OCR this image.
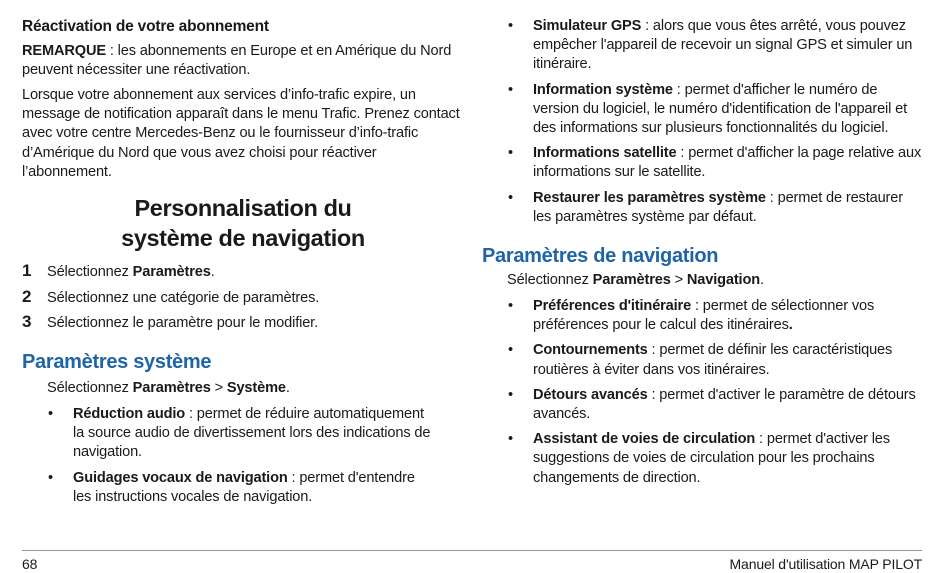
Réactivation de votre abonnement

REMARQUE : les abonnements en Europe et en Amérique du Nord peuvent nécessiter une réactivation.

Lorsque votre abonnement aux services d’info-trafic expire, un message de notification apparaît dans le menu Trafic. Prenez contact avec votre centre Mercedes-Benz ou le fournisseur d’info-trafic d’Amérique du Nord que vous avez choisi pour réactiver l’abonnement.

Personnalisation du
système de navigation
1	Sélectionnez Paramètres.
2	Sélectionnez une catégorie de paramètres.
3	Sélectionnez le paramètre pour le modifier.
Paramètres système
Sélectionnez Paramètres > Système.
•	Réduction audio : permet de réduire automatiquement la source audio de divertissement lors des indications de navigation.
•	Guidages vocaux de navigation : permet d'entendre les instructions vocales de navigation.
•	Simulateur GPS : alors que vous êtes arrêté, vous pouvez empêcher l'appareil de recevoir un signal GPS et simuler un itinéraire.
•	Information système : permet d'afficher le numéro de version du logiciel, le numéro d'identification de l'appareil et des informations sur plusieurs fonctionnalités du logiciel.
•	Informations satellite : permet d'afficher la page relative aux informations sur le satellite.
•	Restaurer les paramètres système : permet de restaurer les paramètres système par défaut.
Paramètres de navigation
Sélectionnez Paramètres > Navigation.
•	Préférences d'itinéraire : permet de sélectionner vos préférences pour le calcul des itinéraires.
•	Contournements : permet de définir les caractéristiques routières à éviter dans vos itinéraires.
•	Détours avancés : permet d'activer le paramètre de détours avancés.
•	Assistant de voies de circulation : permet d'activer les suggestions de voies de circulation pour les prochains changements de direction.
68	Manuel d'utilisation MAP PILOT
